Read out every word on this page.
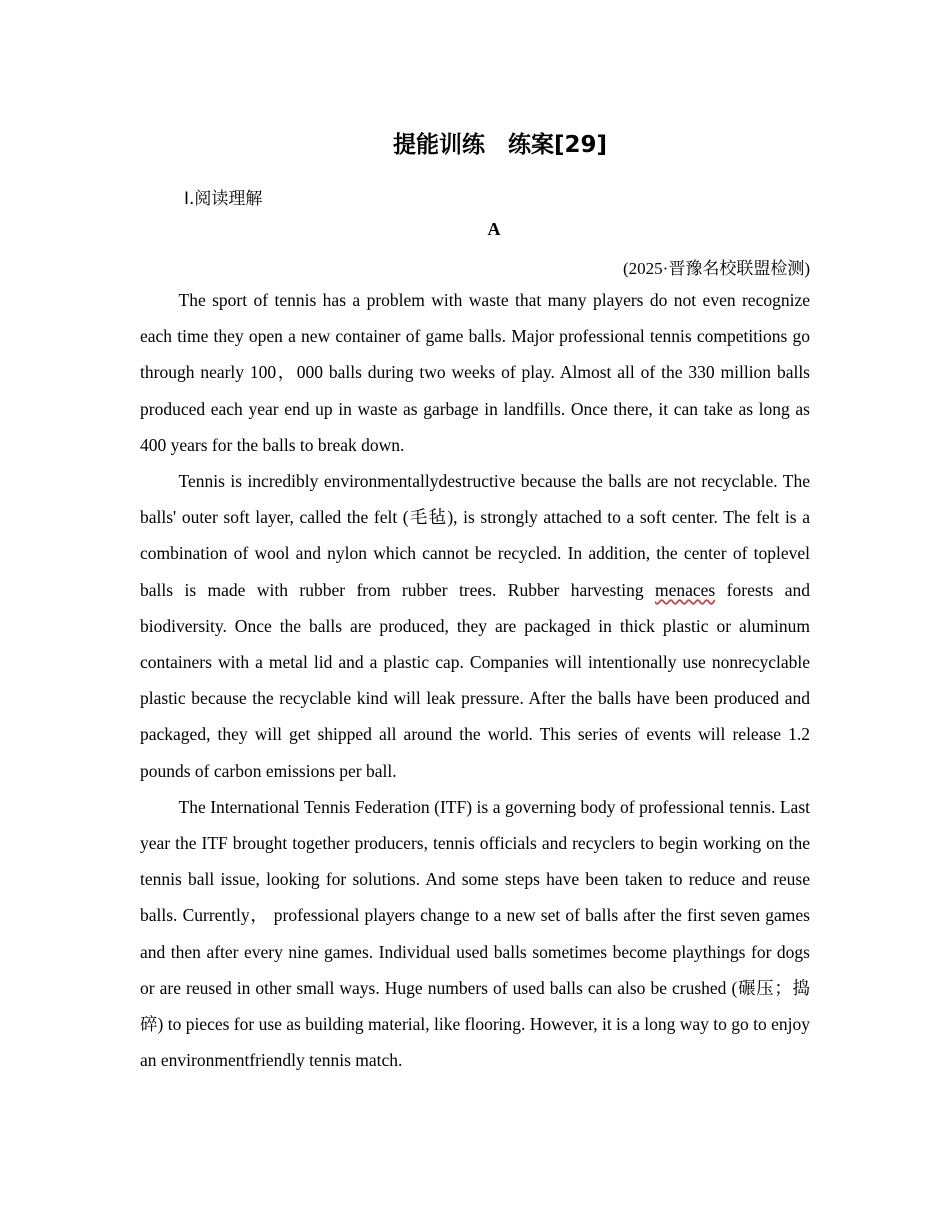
提能训练　练案[29]
Ⅰ.阅读理解
A
(2025·晋豫名校联盟检测)

The sport of tennis has a problem with waste that many players do not even recognize each time they open a new container of game balls. Major professional tennis competitions go through nearly 100，000 balls during two weeks of play. Almost all of the 330 million balls produced each year end up in waste as garbage in landfills. Once there, it can take as long as 400 years for the balls to break down.

Tennis is incredibly environmentallydestructive because the balls are not recyclable. The balls' outer soft layer, called the felt (毛毡), is strongly attached to a soft center. The felt is a combination of wool and nylon which cannot be recycled. In addition, the center of toplevel balls is made with rubber from rubber trees. Rubber harvesting menaces forests and biodiversity. Once the balls are produced, they are packaged in thick plastic or aluminum containers with a metal lid and a plastic cap. Companies will intentionally use nonrecyclable plastic because the recyclable kind will leak pressure. After the balls have been produced and packaged, they will get shipped all around the world. This series of events will release 1.2 pounds of carbon emissions per ball.

The International Tennis Federation (ITF) is a governing body of professional tennis. Last year the ITF brought together producers, tennis officials and recyclers to begin working on the tennis ball issue, looking for solutions. And some steps have been taken to reduce and reuse balls. Currently， professional players change to a new set of balls after the first seven games and then after every nine games. Individual used balls sometimes become playthings for dogs or are reused in other small ways. Huge numbers of used balls can also be crushed (碾压；捣碎) to pieces for use as building material, like flooring. However, it is a long way to go to enjoy an environmentfriendly tennis match.
